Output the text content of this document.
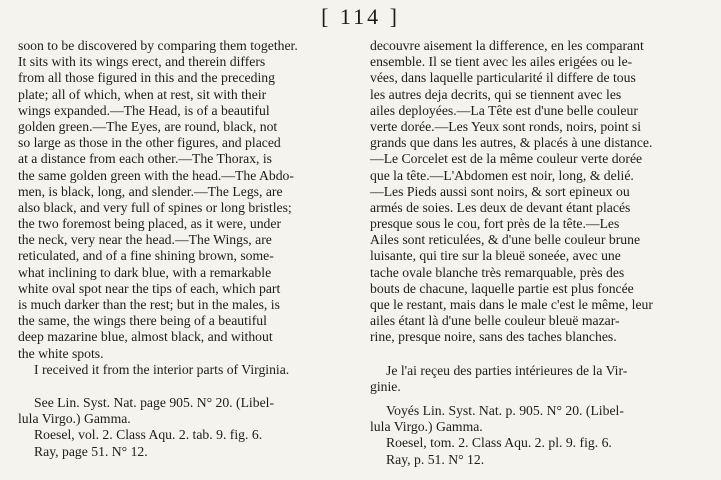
[ 114 ]
soon to be discovered by comparing them together.
It sits with its wings erect, and therein differs
from all those figured in this and the preceding
plate; all of which, when at rest, sit with their
wings expanded.—The Head, is of a beautiful
golden green.—The Eyes, are round, black, not
so large as those in the other figures, and placed
at a distance from each other.—The Thorax, is
the same golden green with the head.—The Abdo-
men, is black, long, and slender.—The Legs, are
also black, and very full of spines or long bristles;
the two foremost being placed, as it were, under
the neck, very near the head.—The Wings, are
reticulated, and of a fine shining brown, some-
what inclining to dark blue, with a remarkable
white oval spot near the tips of each, which part
is much darker than the rest; but in the males, is
the same, the wings there being of a beautiful
deep mazarine blue, almost black, and without
the white spots.
I received it from the interior parts of Virginia.
See Lin. Syst. Nat. page 905. N° 20. (Libel-
lula Virgo.) Gamma.
Roesel, vol. 2. Class Aqu. 2. tab. 9. fig. 6.
Ray, page 51. N° 12.
decouvre aisement la difference, en les comparant
ensemble. Il se tient avec les ailes erigées ou le-
vées, dans laquelle particularité il differe de tous
les autres deja decrits, qui se tiennent avec les
ailes deployées.—La Tête est d'une belle couleur
verte dorée.—Les Yeux sont ronds, noirs, point si
grands que dans les autres, & placés à une distance.
—Le Corcelet est de la même couleur verte dorée
que la tête.—L'Abdomen est noir, long, & delié.
—Les Pieds aussi sont noirs, & sort epineux ou
armés de soies. Les deux de devant étant placés
presque sous le cou, fort près de la tête.—Les
Ailes sont reticulées, & d'une belle couleur brune
luisante, qui tire sur la bleuë soneée, avec une
tache ovale blanche très remarquable, près des
bouts de chacune, laquelle partie est plus foncée
que le restant, mais dans le male c'est le même, leur
ailes étant là d'une belle couleur bleuë mazar-
rine, presque noire, sans des taches blanches.
Je l'ai reçeu des parties intérieures de la Vir-
ginie.
Voyés Lin. Syst. Nat. p. 905. N° 20. (Libel-
lula Virgo.) Gamma.
Roesel, tom. 2. Class Aqu. 2. pl. 9. fig. 6.
Ray, p. 51. N° 12.
